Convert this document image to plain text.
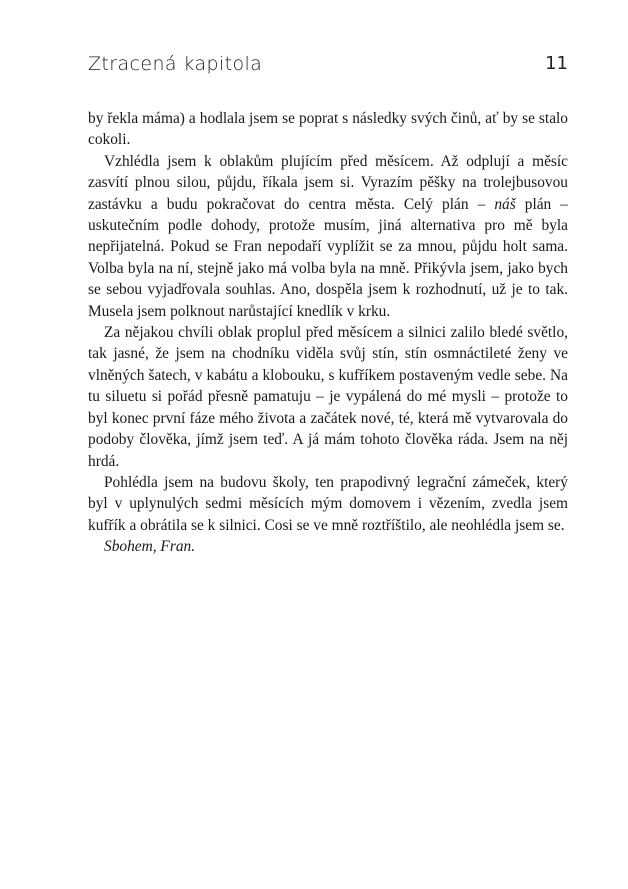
Ztracená kapitola	11

by řekla máma) a hodlala jsem se poprat s následky svých činů, ať by se stalo cokoli.

Vzhlédla jsem k oblakům plujícím před měsícem. Až odplují a měsíc zasvítí plnou silou, půjdu, říkala jsem si. Vyrazím pěšky na trolejbusovou zastávku a budu pokračovat do centra města. Celý plán – náš plán – uskutečním podle dohody, protože musím, jiná alternativa pro mě byla nepřijatelná. Pokud se Fran nepodaří vyplížit se za mnou, půjdu holt sama. Volba byla na ní, stejně jako má volba byla na mně. Přikývla jsem, jako bych se sebou vyjadřovala souhlas. Ano, dospěla jsem k rozhodnutí, už je to tak. Musela jsem polknout narůstající knedlík v krku.

Za nějakou chvíli oblak proplul před měsícem a silnici zalilo bledé světlo, tak jasné, že jsem na chodníku viděla svůj stín, stín osmnáctileté ženy ve vlněných šatech, v kabátu a klobouku, s kufříkem postaveným vedle sebe. Na tu siluetu si pořád přesně pamatuju – je vypálená do mé mysli – protože to byl konec první fáze mého života a začátek nové, té, která mě vytvarovala do podoby člověka, jímž jsem teď. A já mám tohoto člověka ráda. Jsem na něj hrdá.

Pohlédla jsem na budovu školy, ten prapodivný legrační zámeček, který byl v uplynulých sedmi měsících mým domovem i vězením, zvedla jsem kufřík a obrátila se k silnici. Cosi se ve mně roztříštilo, ale neohlédla jsem se.

Sbohem, Fran.
